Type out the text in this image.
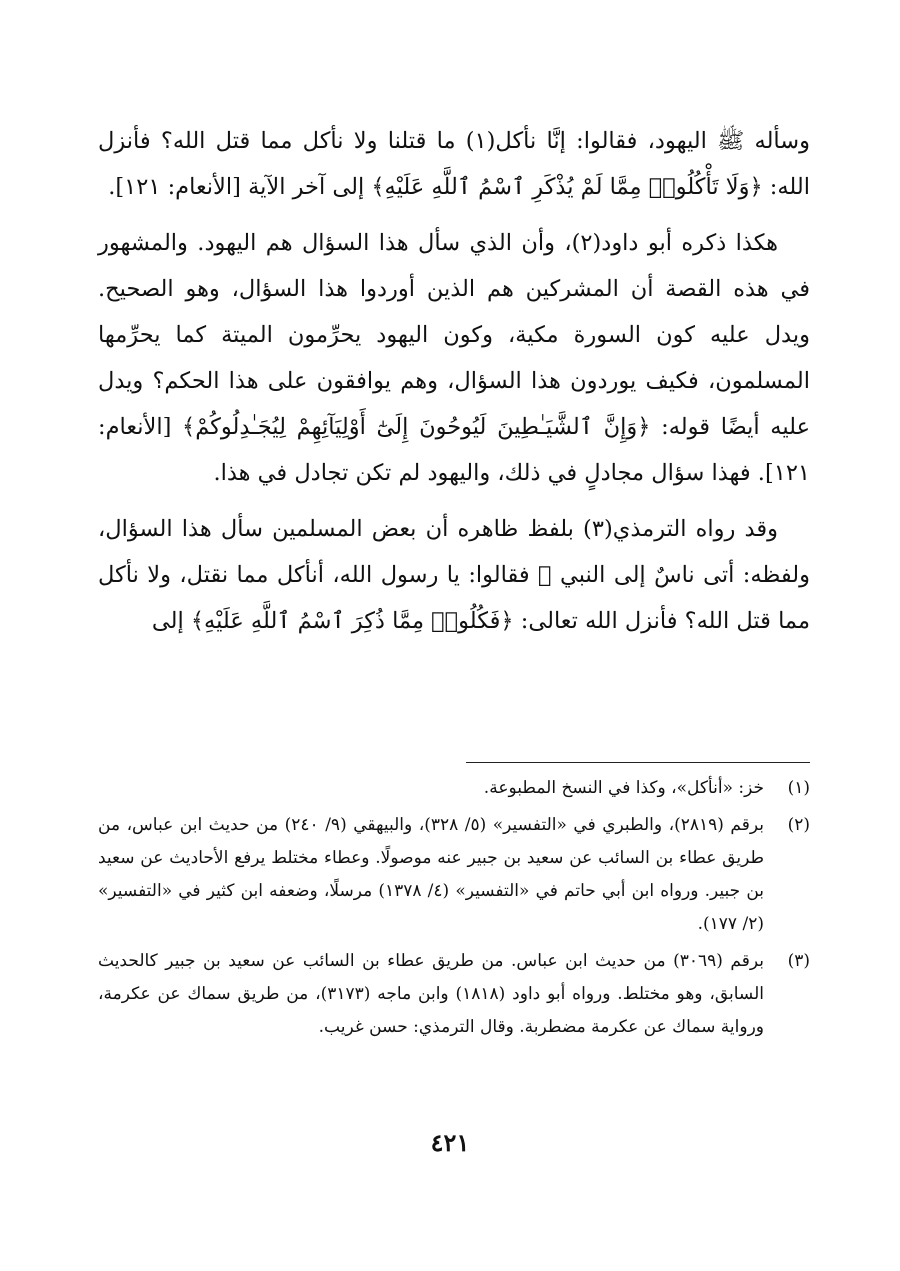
وسأله ﷺ اليهود، فقالوا: إنَّا نأكل(١) ما قتلنا ولا نأكل مما قتل الله؟ فأنزل الله: ﴿وَلَا تَأْكُلُوا۟ مِمَّا لَمْ يُذْكَرِ ٱسْمُ ٱللَّهِ عَلَيْهِ﴾ إلى آخر الآية [الأنعام: ١٢١].

هكذا ذكره أبو داود(٢)، وأن الذي سأل هذا السؤال هم اليهود. والمشهور في هذه القصة أن المشركين هم الذين أوردوا هذا السؤال، وهو الصحيح. ويدل عليه كون السورة مكية، وكون اليهود يحرِّمون الميتة كما يحرِّمها المسلمون، فكيف يوردون هذا السؤال، وهم يوافقون على هذا الحكم؟ ويدل عليه أيضًا قوله: ﴿وَإِنَّ ٱلشَّيَـٰطِينَ لَيُوحُونَ إِلَىٰٓ أَوْلِيَآئِهِمْ لِيُجَـٰدِلُوكُمْ﴾ [الأنعام: ١٢١]. فهذا سؤال مجادلٍ في ذلك، واليهود لم تكن تجادل في هذا.

وقد رواه الترمذي(٣) بلفظ ظاهره أن بعض المسلمين سأل هذا السؤال، ولفظه: أتى ناسٌ إلى النبي ﷺ فقالوا: يا رسول الله، أنأكل مما نقتل، ولا نأكل مما قتل الله؟ فأنزل الله تعالى: ﴿فَكُلُوا۟ مِمَّا ذُكِرَ ٱسْمُ ٱللَّهِ عَلَيْهِ﴾ إلى

(١)
خز: «أنأكل»، وكذا في النسخ المطبوعة.
(٢)
برقم (٢٨١٩)، والطبري في «التفسير» (٥/ ٣٢٨)، والبيهقي (٩/ ٢٤٠) من حديث ابن عباس، من طريق عطاء بن السائب عن سعيد بن جبير عنه موصولًا. وعطاء مختلط يرفع الأحاديث عن سعيد بن جبير. ورواه ابن أبي حاتم في «التفسير» (٤/ ١٣٧٨) مرسلًا، وضعفه ابن كثير في «التفسير» (٢/ ١٧٧).
(٣)
برقم (٣٠٦٩) من حديث ابن عباس. من طريق عطاء بن السائب عن سعيد بن جبير كالحديث السابق، وهو مختلط. ورواه أبو داود (١٨١٨) وابن ماجه (٣١٧٣)، من طريق سماك عن عكرمة، ورواية سماك عن عكرمة مضطربة. وقال الترمذي: حسن غريب.
٤٢١
